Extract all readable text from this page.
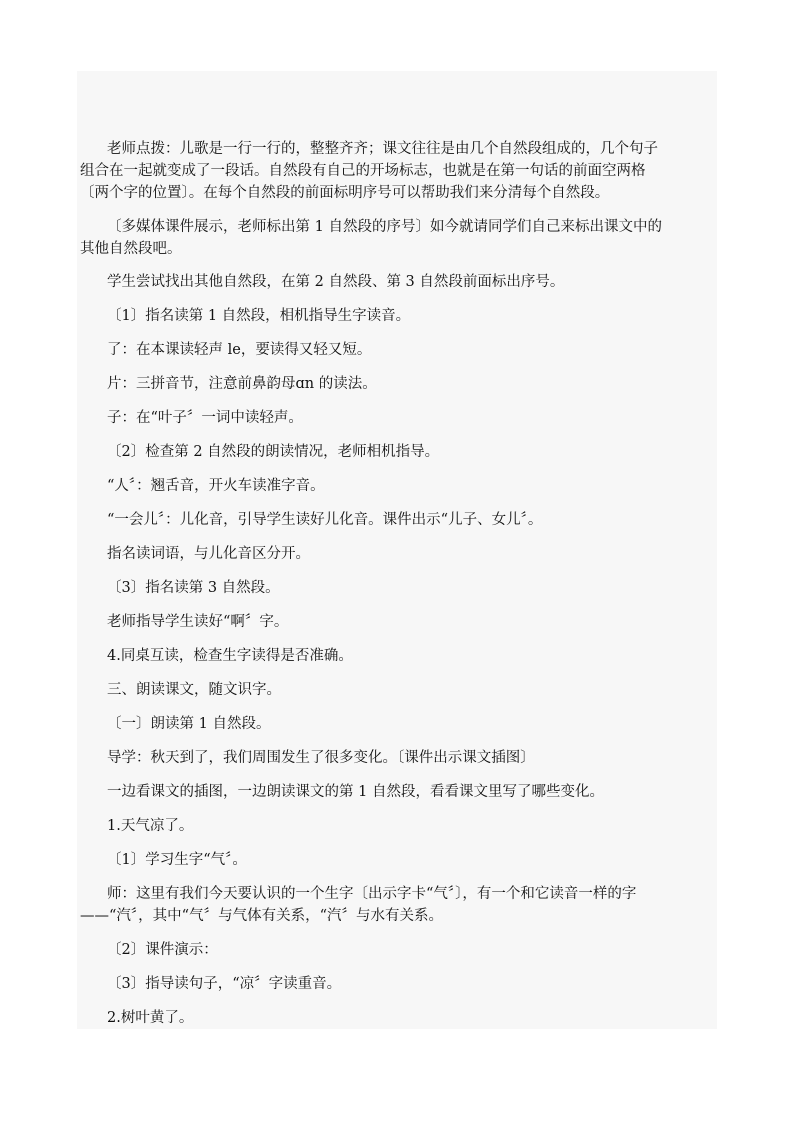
老师点拨：儿歌是一行一行的，整整齐齐；课文往往是由几个自然段组成的，几个句子
组合在一起就变成了一段话。自然段有自己的开场标志，也就是在第一句话的前面空两格
〔两个字的位置〕。在每个自然段的前面标明序号可以帮助我们来分清每个自然段。
〔多媒体课件展示，老师标出第 1 自然段的序号〕如今就请同学们自己来标出课文中的
其他自然段吧。
学生尝试找出其他自然段，在第 2 自然段、第 3 自然段前面标出序号。
〔1〕指名读第 1 自然段，相机指导生字读音。
了：在本课读轻声 le，要读得又轻又短。
片：三拼音节，注意前鼻韵母ɑn 的读法。
子：在“叶子〞一词中读轻声。
〔2〕检查第 2 自然段的朗读情况，老师相机指导。
“人〞：翘舌音，开火车读准字音。
“一会儿〞：儿化音，引导学生读好儿化音。课件出示“儿子、女儿〞。
指名读词语，与儿化音区分开。
〔3〕指名读第 3 自然段。
老师指导学生读好“啊〞字。
4.同桌互读，检查生字读得是否准确。
三、朗读课文，随文识字。
〔一〕朗读第 1 自然段。
导学：秋天到了，我们周围发生了很多变化。〔课件出示课文插图〕
一边看课文的插图，一边朗读课文的第 1 自然段，看看课文里写了哪些变化。
1.天气凉了。
〔1〕学习生字“气〞。
师：这里有我们今天要认识的一个生字〔出示字卡“气〞〕，有一个和它读音一样的字
——“汽〞，其中“气〞与气体有关系，“汽〞与水有关系。
〔2〕课件演示：
〔3〕指导读句子，“凉〞字读重音。
2.树叶黄了。
